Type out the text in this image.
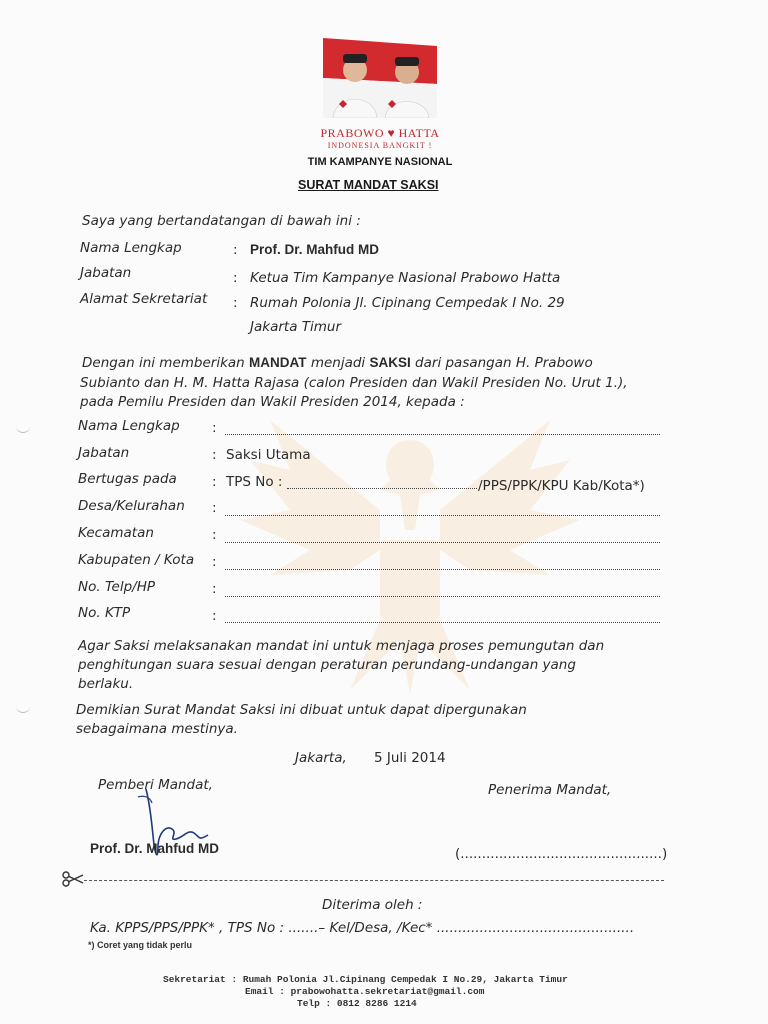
PRABOWO ♥ HATTA
INDONESIA BANGKIT !
TIM KAMPANYE NASIONAL
SURAT MANDAT SAKSI
Saya yang bertandatangan di bawah ini :
Nama Lengkap	: Prof. Dr. Mahfud MD
Jabatan	: Ketua Tim Kampanye Nasional Prabowo Hatta
Alamat Sekretariat : Rumah Polonia Jl. Cipinang Cempedak I No. 29
Jakarta Timur
Dengan ini memberikan MANDAT menjadi SAKSI dari pasangan H. Prabowo
Subianto dan H. M. Hatta Rajasa (calon Presiden dan Wakil Presiden No. Urut 1.),
pada Pemilu Presiden dan Wakil Presiden 2014, kepada :
Nama Lengkap :
Jabatan	: Saksi Utama
Bertugas pada	: TPS No :	/PPS/PPK/KPU Kab/Kota*)
Desa/Kelurahan :
Kecamatan	:
Kabupaten / Kota :
No. Telp/HP	:
No. KTP	:
Agar Saksi melaksanakan mandat ini untuk menjaga proses pemungutan dan
penghitungan suara sesuai dengan peraturan perundang-undangan yang
berlaku.
Demikian Surat Mandat Saksi ini dibuat untuk dapat dipergunakan
sebagaimana mestinya.
Jakarta, 5 Juli 2014
Pemberi Mandat,	Penerima Mandat,
Prof. Dr. Mahfud MD	(...............................................)
Diterima oleh :
Ka. KPPS/PPS/PPK* , TPS No : .......– Kel/Desa, /Kec* ..............................................
*) Coret yang tidak perlu
Sekretariat : Rumah Polonia Jl.Cipinang Cempedak I No.29, Jakarta Timur
Email : prabowohatta.sekretariat@gmail.com
Telp : 0812 8286 1214
